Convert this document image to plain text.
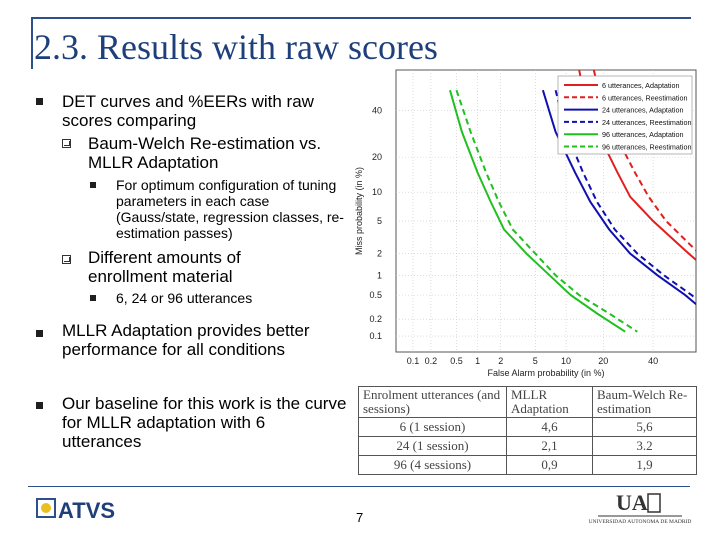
2.3. Results with raw scores
DET curves and %EERs with raw scores comparing
Baum-Welch Re-estimation vs. MLLR Adaptation
For optimum configuration of tuning parameters in each case (Gauss/state, regression classes, re-estimation passes)
Different amounts of enrollment material
6, 24 or 96 utterances
MLLR Adaptation provides better performance for all conditions
Our baseline for this work is the curve for MLLR adaptation with 6 utterances
0.1 0.2 0.5 1 2	5	10	20	40
0.1
0.2
0.5
1
2
5
10
20
40
False Alarm probability (in %)
Miss probability (in %)
6 utterances, Adaptation
6 utterances, Reestimation
24 utterances, Adaptation
24 utterances, Reestimation
96 utterances, Adaptation
96 utterances, Reestimation
Enrolment utterances (and sessions)	MLLR Adaptation	Baum-Welch Re-estimation
6 (1 session)	4,6	5,6
24 (1 session)	2,1	3.2
96 (4 sessions)	0,9	1,9
ATVS	7
UA
UNIVERSIDAD AUTONOMA DE MADRID
